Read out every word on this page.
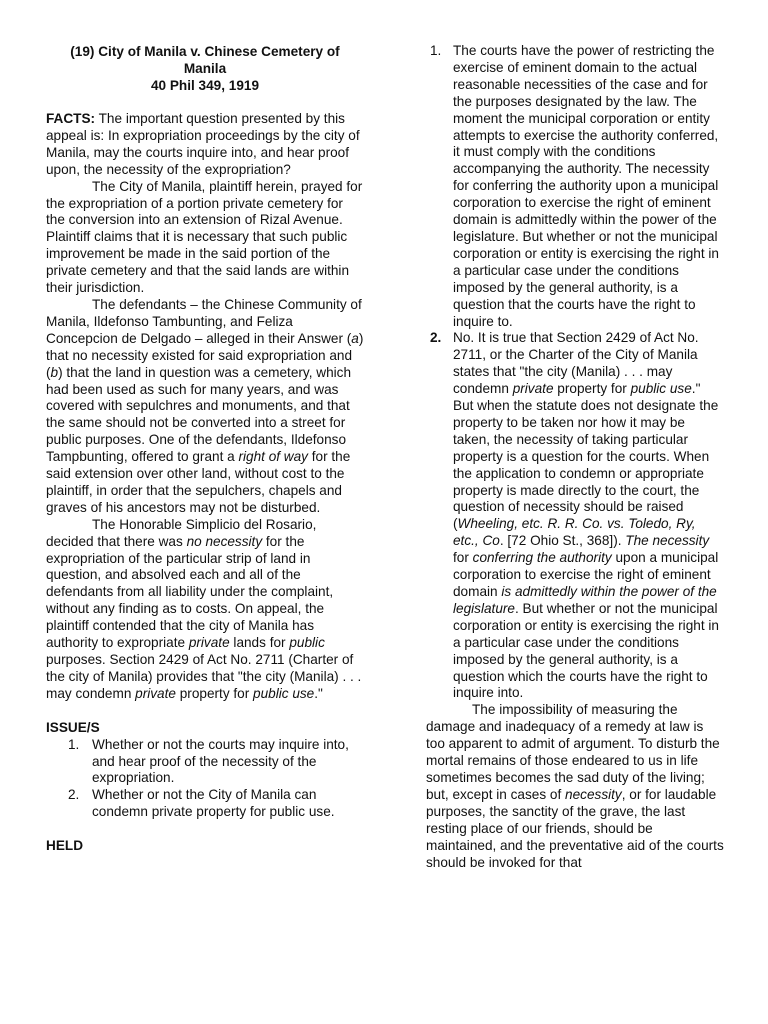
(19) City of Manila v. Chinese Cemetery of
Manila
40 Phil 349, 1919

FACTS: The important question presented by this appeal is: In expropriation proceedings by the city of Manila, may the courts inquire into, and hear proof upon, the necessity of the expropriation?

The City of Manila, plaintiff herein, prayed for the expropriation of a portion private cemetery for the conversion into an extension of Rizal Avenue. Plaintiff claims that it is necessary that such public improvement be made in the said portion of the private cemetery and that the said lands are within their jurisdiction.

The defendants – the Chinese Community of Manila, Ildefonso Tambunting, and Feliza Concepcion de Delgado – alleged in their Answer (a) that no necessity existed for said expropriation and (b) that the land in question was a cemetery, which had been used as such for many years, and was covered with sepulchres and monuments, and that the same should not be converted into a street for public purposes. One of the defendants, Ildefonso Tampbunting, offered to grant a right of way for the said extension over other land, without cost to the plaintiff, in order that the sepulchers, chapels and graves of his ancestors may not be disturbed.

The Honorable Simplicio del Rosario, decided that there was no necessity for the expropriation of the particular strip of land in question, and absolved each and all of the defendants from all liability under the complaint, without any finding as to costs. On appeal, the plaintiff contended that the city of Manila has authority to expropriate private lands for public purposes. Section 2429 of Act No. 2711 (Charter of the city of Manila) provides that "the city (Manila) . . . may condemn private property for public use."

ISSUE/S

1. Whether or not the courts may inquire into, and hear proof of the necessity of the expropriation.
2. Whether or not the City of Manila can condemn private property for public use.

HELD

1. The courts have the power of restricting the exercise of eminent domain to the actual reasonable necessities of the case and for the purposes designated by the law. The moment the municipal corporation or entity attempts to exercise the authority conferred, it must comply with the conditions accompanying the authority. The necessity for conferring the authority upon a municipal corporation to exercise the right of eminent domain is admittedly within the power of the legislature. But whether or not the municipal corporation or entity is exercising the right in a particular case under the conditions imposed by the general authority, is a question that the courts have the right to inquire to.
2. No. It is true that Section 2429 of Act No. 2711, or the Charter of the City of Manila states that "the city (Manila) . . . may condemn private property for public use." But when the statute does not designate the property to be taken nor how it may be taken, the necessity of taking particular property is a question for the courts. When the application to condemn or appropriate property is made directly to the court, the question of necessity should be raised (Wheeling, etc. R. R. Co. vs. Toledo, Ry, etc., Co. [72 Ohio St., 368]). The necessity for conferring the authority upon a municipal corporation to exercise the right of eminent domain is admittedly within the power of the legislature. But whether or not the municipal corporation or entity is exercising the right in a particular case under the conditions imposed by the general authority, is a question which the courts have the right to inquire into.

The impossibility of measuring the damage and inadequacy of a remedy at law is too apparent to admit of argument. To disturb the mortal remains of those endeared to us in life sometimes becomes the sad duty of the living; but, except in cases of necessity, or for laudable purposes, the sanctity of the grave, the last resting place of our friends, should be maintained, and the preventative aid of the courts should be invoked for that
